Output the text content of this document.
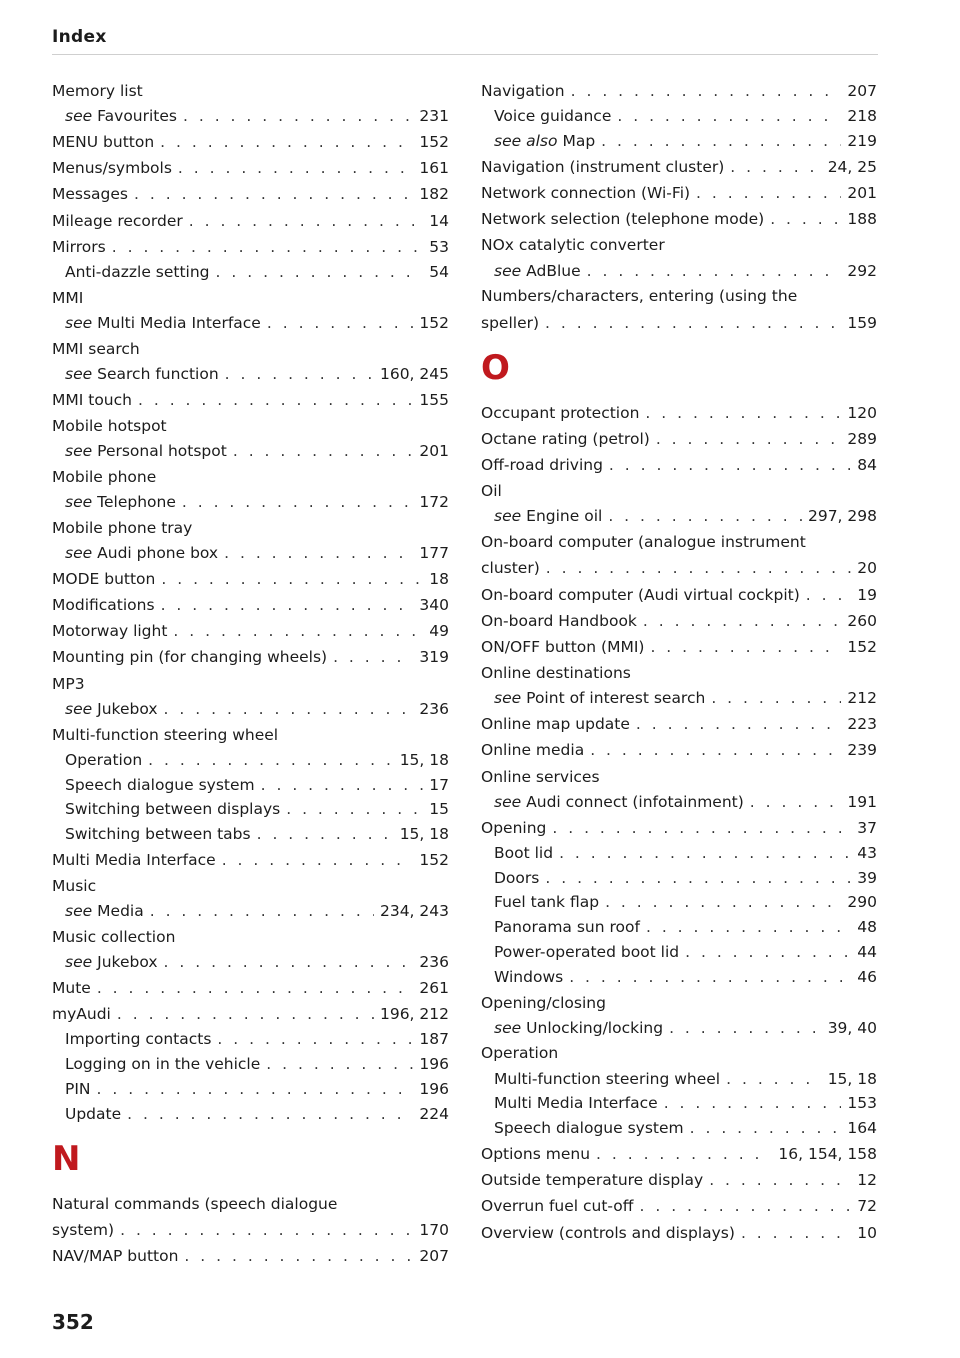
Index
Memory list
see Favourites . . .	231
MENU button . . .	152
Menus/symbols . . .	161
Messages . . .	182
Mileage recorder . . .	14
Mirrors . . .	53
Anti-dazzle setting . . .	54
MMI
see Multi Media Interface . . .	152
MMI search
see Search function . . .	160, 245
MMI touch . . .	155
Mobile hotspot
see Personal hotspot . . .	201
Mobile phone
see Telephone . . .	172
Mobile phone tray
see Audi phone box . . .	177
MODE button . . .	18
Modifications . . .	340
Motorway light . . .	49
Mounting pin (for changing wheels) . . .	319
MP3
see Jukebox . . .	236
Multi-function steering wheel
Operation . . .	15, 18
Speech dialogue system . . .	17
Switching between displays . . .	15
Switching between tabs . . .	15, 18
Multi Media Interface . . .	152
Music
see Media . . .	234, 243
Music collection
see Jukebox . . .	236
Mute . . .	261
myAudi . . .	196, 212
Importing contacts . . .	187
Logging on in the vehicle . . .	196
PIN . . .	196
Update . . .	224
N
Natural commands (speech dialogue
system) . . .	170
NAV/MAP button . . .	207
Navigation . . .	207
Voice guidance . . .	218
see also Map . . .	219
Navigation (instrument cluster) . . .	24, 25
Network connection (Wi-Fi) . . .	201
Network selection (telephone mode) . . .	188
NOx catalytic converter
see AdBlue . . .	292
Numbers/characters, entering (using the
speller) . . .	159
O
Occupant protection . . .	120
Octane rating (petrol) . . .	289
Off-road driving . . .	84
Oil
see Engine oil . . .	297, 298
On-board computer (analogue instrument
cluster) . . .	20
On-board computer (Audi virtual cockpit) . . .	19
On-board Handbook . . .	260
ON/OFF button (MMI) . . .	152
Online destinations
see Point of interest search . . .	212
Online map update . . .	223
Online media . . .	239
Online services
see Audi connect (infotainment) . . .	191
Opening . . .	37
Boot lid . . .	43
Doors . . .	39
Fuel tank flap . . .	290
Panorama sun roof . . .	48
Power-operated boot lid . . .	44
Windows . . .	46
Opening/closing
see Unlocking/locking . . .	39, 40
Operation
Multi-function steering wheel . . .	15, 18
Multi Media Interface . . .	153
Speech dialogue system . . .	164
Options menu . . .	16, 154, 158
Outside temperature display . . .	12
Overrun fuel cut-off . . .	72
Overview (controls and displays) . . .	10
352
